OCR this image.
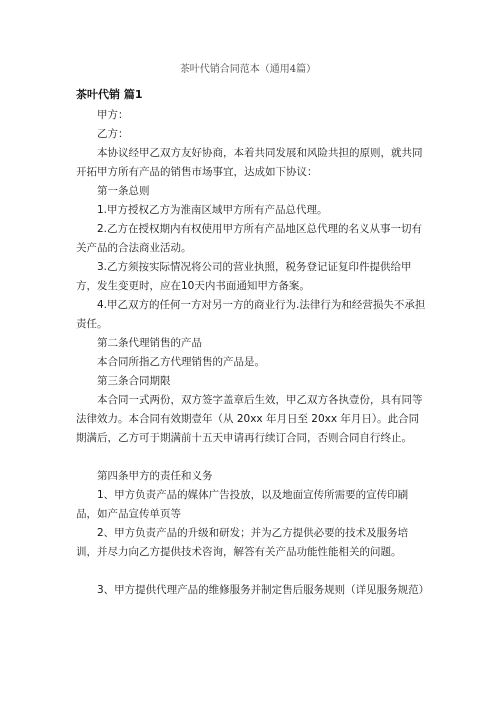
茶叶代销合同范本（通用4篇）
茶叶代销 篇1
甲方：
乙方：

本协议经甲乙双方友好协商，本着共同发展和风险共担的原则，就共同开拓甲方所有产品的销售市场事宜，达成如下协议：

第一条总则
1.甲方授权乙方为淮南区域甲方所有产品总代理。

2.乙方在授权期内有权使用甲方所有产品地区总代理的名义从事一切有关产品的合法商业活动。

3.乙方须按实际情况将公司的营业执照，税务登记证复印件提供给甲方，发生变更时，应在10天内书面通知甲方备案。

4.甲乙双方的任何一方对另一方的商业行为.法律行为和经营损失不承担责任。

第二条代理销售的产品
本合同所指乙方代理销售的产品是。
第三条合同期限

本合同一式两份，双方签字盖章后生效，甲乙双方各执壹份，具有同等法律效力。本合同有效期壹年（从 20xx 年月日至 20xx 年月日）。此合同期满后，乙方可于期满前十五天申请再行续订合同，否则合同自行终止。

第四条甲方的责任和义务

1、甲方负责产品的媒体广告投放，以及地面宣传所需要的宣传印刷品，如产品宣传单页等

2、甲方负责产品的升级和研发；并为乙方提供必要的技术及服务培训，并尽力向乙方提供技术咨询，解答有关产品功能性能相关的问题。

3、甲方提供代理产品的维修服务并制定售后服务规则（详见服务规范）
